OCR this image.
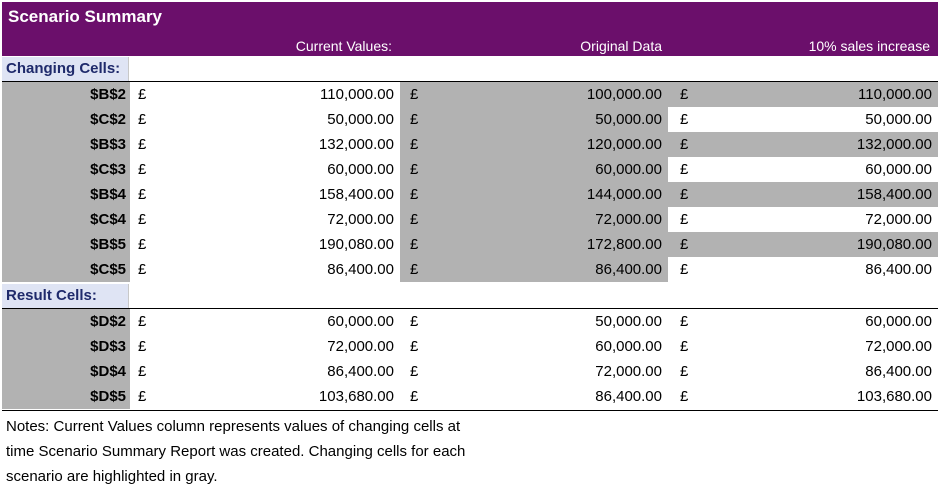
Scenario Summary
Current Values:	Original Data	10% sales increase
Changing Cells:
$B$2 £	110,000.00	£	100,000.00	£	110,000.00
$C$2 £	50,000.00	£	50,000.00	£	50,000.00
$B$3 £	132,000.00	£	120,000.00	£	132,000.00
$C$3 £	60,000.00	£	60,000.00	£	60,000.00
$B$4 £	158,400.00	£	144,000.00	£	158,400.00
$C$4 £	72,000.00	£	72,000.00	£	72,000.00
$B$5 £	190,080.00	£	172,800.00	£	190,080.00
$C$5 £	86,400.00	£	86,400.00	£	86,400.00
Result Cells:
$D$2 £	60,000.00	£	50,000.00	£	60,000.00
$D$3 £	72,000.00	£	60,000.00	£	72,000.00
$D$4 £	86,400.00	£	72,000.00	£	86,400.00
$D$5 £	103,680.00	£	86,400.00	£	103,680.00
Notes: Current Values column represents values of changing cells at
time Scenario Summary Report was created. Changing cells for each
scenario are highlighted in gray.
